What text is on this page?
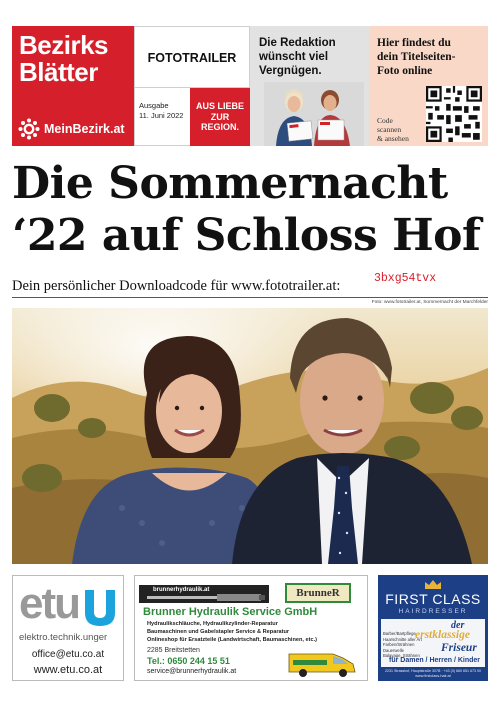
Bezirks
Blätter
MeinBezirk.at
FOTOTRAILER
Ausgabe
11. Juni 2022
AUS LIEBE
ZUR
REGION.
Die Redaktion
wünscht viel
Vergnügen.
Hier findest du
dein Titelseiten-
Foto online
Code
scannen
& ansehen
Die Sommernacht
‘22 auf Schloss Hof
Dein persönlicher Downloadcode für www.fototrailer.at:	3bxg54tvx
Foto: www.fototrailer.at, Sommernacht der Marchfelder
etu
elektro.technik.unger
office@etu.co.at
www.etu.co.at
brunnerhydraulik.at	BrunneR
Brunner Hydraulik Service GmbH
Hydraulikschläuche, Hydraulikzylinder-Reparatur
Baumaschinen und Gabelstapler Service & Reparatur
Onlineshop für Ersatzteile (Landwirtschaft, Baumaschinen, etc.)
2285 Breitstetten
Tel.: 0650 244 15 51
service@brunnerhydraulik.at
FIRST CLASS
HAIRDRESSER
Barber/Bartpflege Haarschnitte aller Art Farben/Strähnen Dauerwelle Balayage, Strähnen
der
erstklassige
Friseur
für Damen / Herren / Kinder
2231 Strasshof, Hauptstraße 307B · +43 (0) 660 651 673 00
www.firstclass-hair.at
